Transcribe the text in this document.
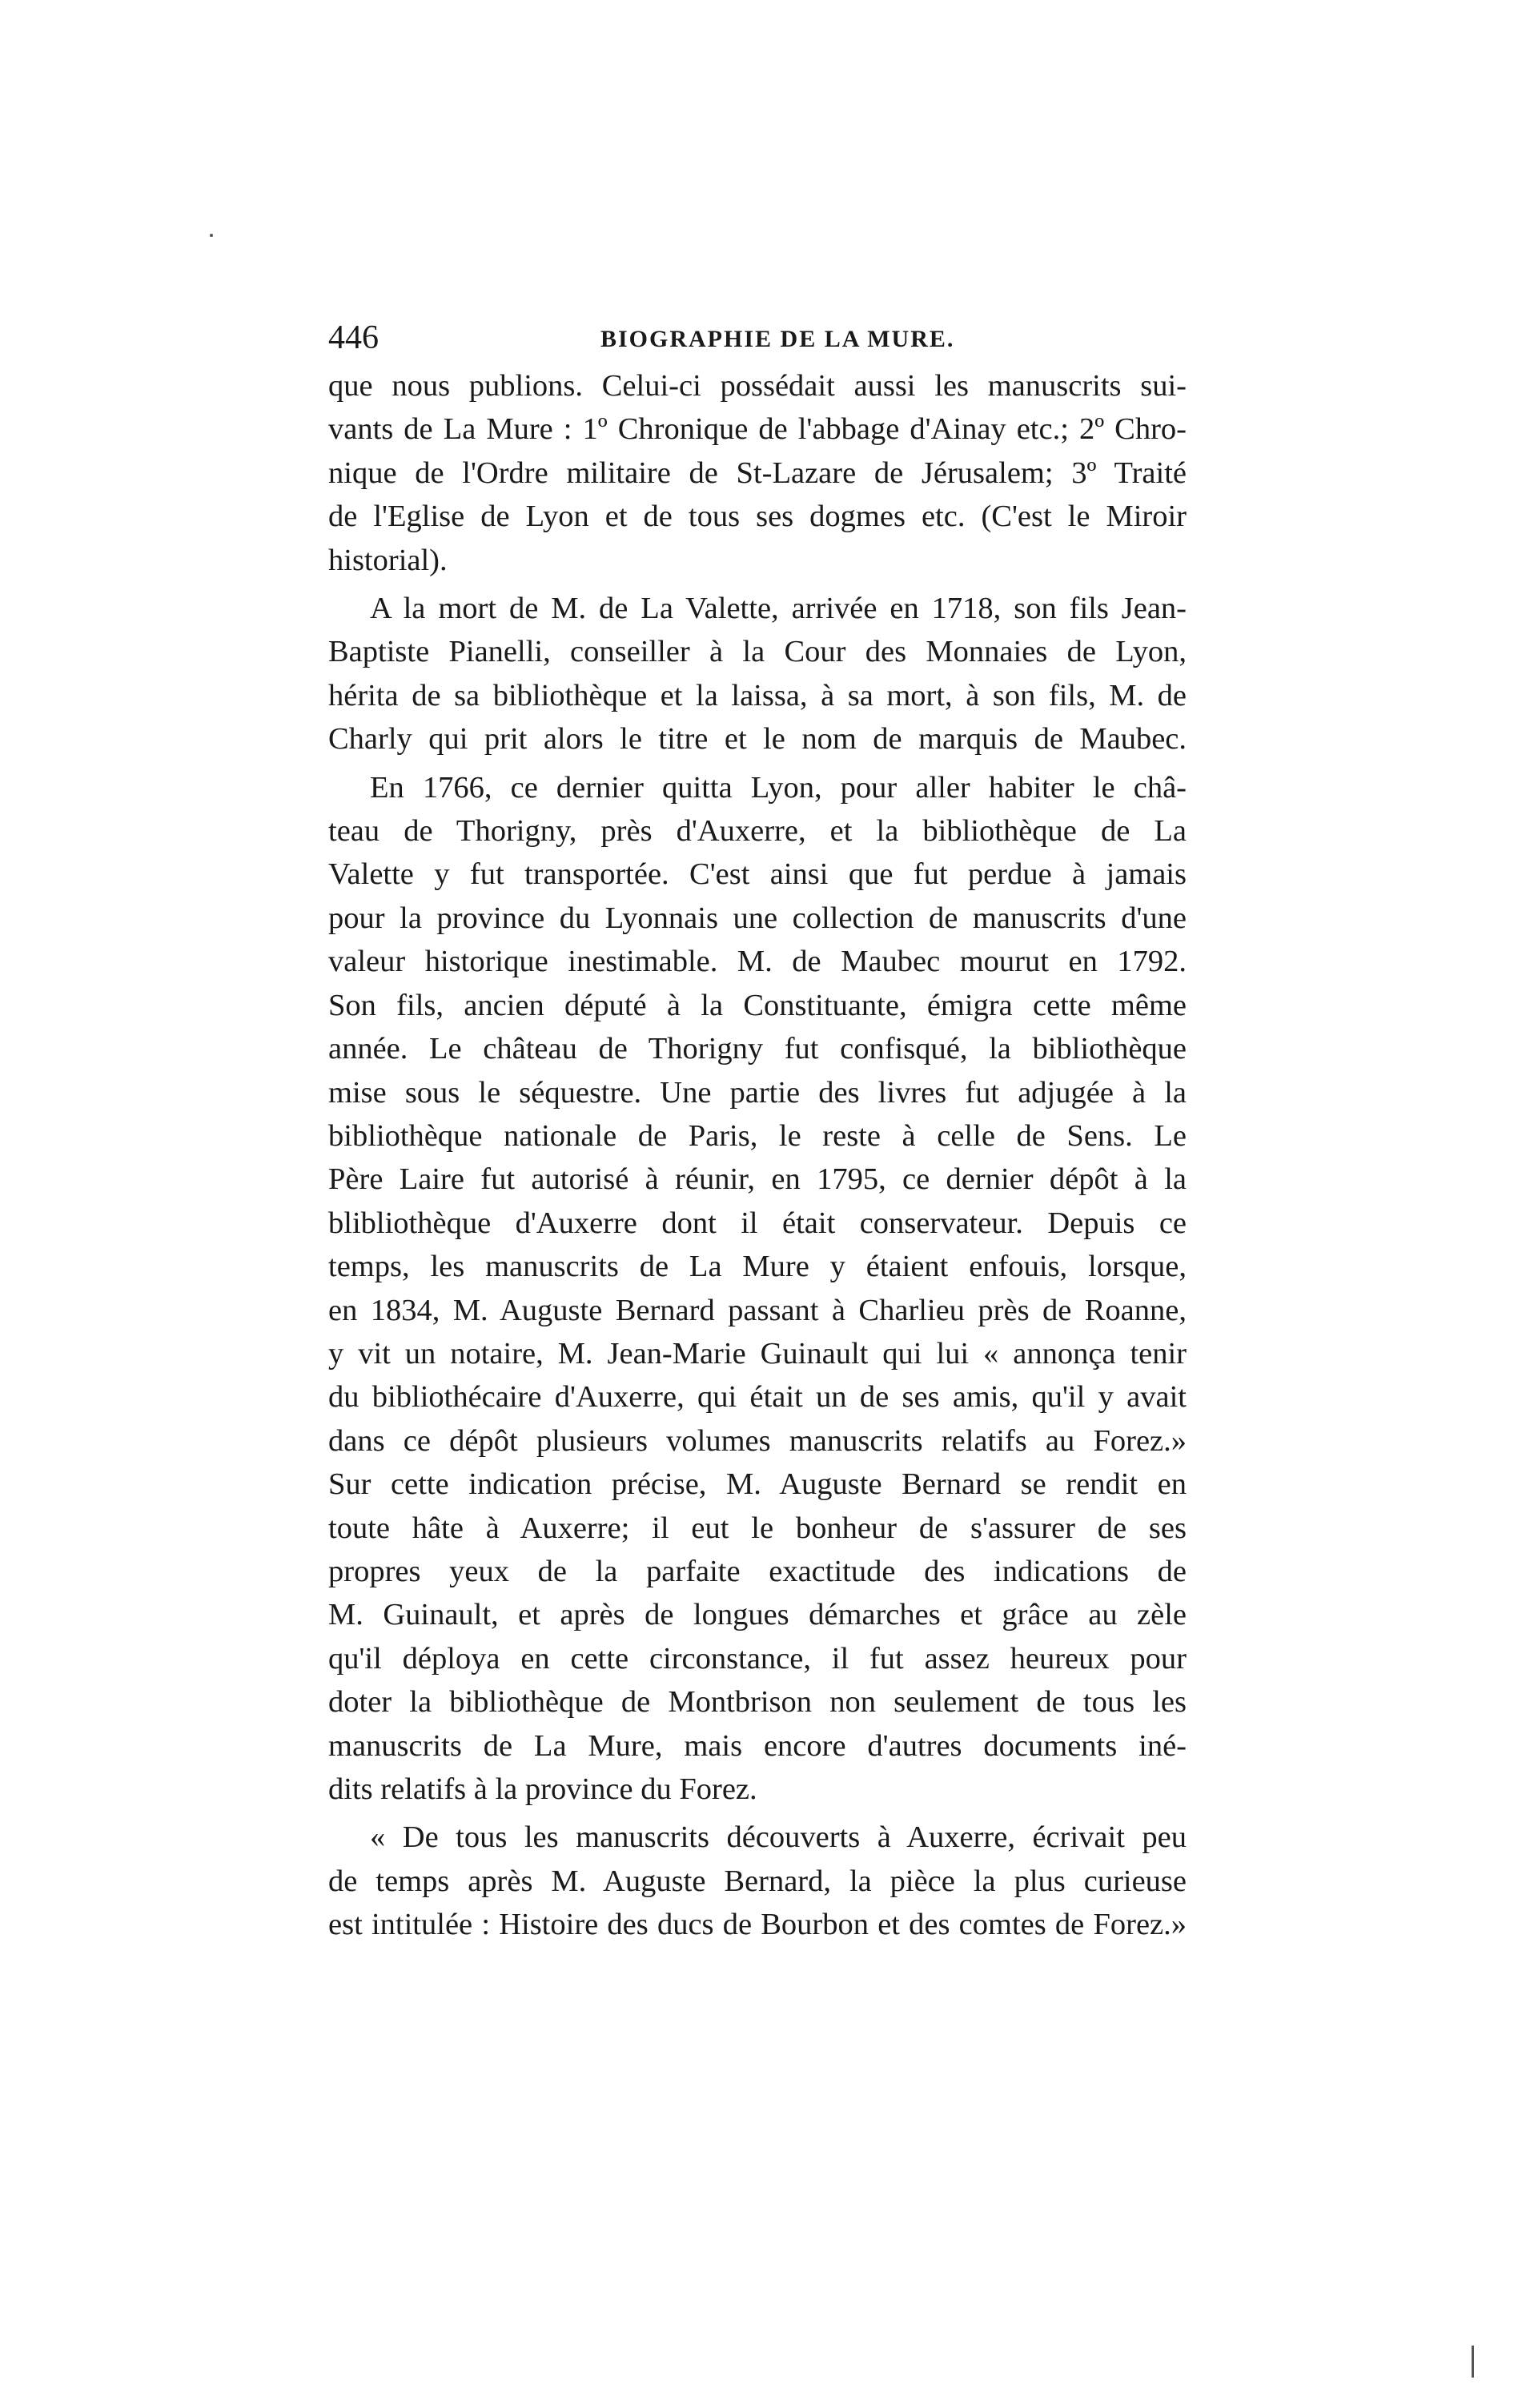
446	BIOGRAPHIE DE LA MURE.
que nous publions. Celui-ci possédait aussi les manuscrits sui-
vants de La Mure : 1º Chronique de l'abbage d'Ainay etc.; 2º Chro-
nique de l'Ordre militaire de St-Lazare de Jérusalem; 3º Traité
de l'Eglise de Lyon et de tous ses dogmes etc. (C'est le Miroir
historial).
A la mort de M. de La Valette, arrivée en 1718, son fils Jean-
Baptiste Pianelli, conseiller à la Cour des Monnaies de Lyon,
hérita de sa bibliothèque et la laissa, à sa mort, à son fils, M. de
Charly qui prit alors le titre et le nom de marquis de Maubec.
En 1766, ce dernier quitta Lyon, pour aller habiter le châ-
teau de Thorigny, près d'Auxerre, et la bibliothèque de La
Valette y fut transportée. C'est ainsi que fut perdue à jamais
pour la province du Lyonnais une collection de manuscrits d'une
valeur historique inestimable. M. de Maubec mourut en 1792.
Son fils, ancien député à la Constituante, émigra cette même
année. Le château de Thorigny fut confisqué, la bibliothèque
mise sous le séquestre. Une partie des livres fut adjugée à la
bibliothèque nationale de Paris, le reste à celle de Sens. Le
Père Laire fut autorisé à réunir, en 1795, ce dernier dépôt à la
blibliothèque d'Auxerre dont il était conservateur. Depuis ce
temps, les manuscrits de La Mure y étaient enfouis, lorsque,
en 1834, M. Auguste Bernard passant à Charlieu près de Roanne,
y vit un notaire, M. Jean-Marie Guinault qui lui « annonça tenir
du bibliothécaire d'Auxerre, qui était un de ses amis, qu'il y avait
dans ce dépôt plusieurs volumes manuscrits relatifs au Forez.»
Sur cette indication précise, M. Auguste Bernard se rendit en
toute hâte à Auxerre; il eut le bonheur de s'assurer de ses
propres yeux de la parfaite exactitude des indications de
M. Guinault, et après de longues démarches et grâce au zèle
qu'il déploya en cette circonstance, il fut assez heureux pour
doter la bibliothèque de Montbrison non seulement de tous les
manuscrits de La Mure, mais encore d'autres documents iné-
dits relatifs à la province du Forez.
« De tous les manuscrits découverts à Auxerre, écrivait peu
de temps après M. Auguste Bernard, la pièce la plus curieuse
est intitulée : Histoire des ducs de Bourbon et des comtes de Forez.»
